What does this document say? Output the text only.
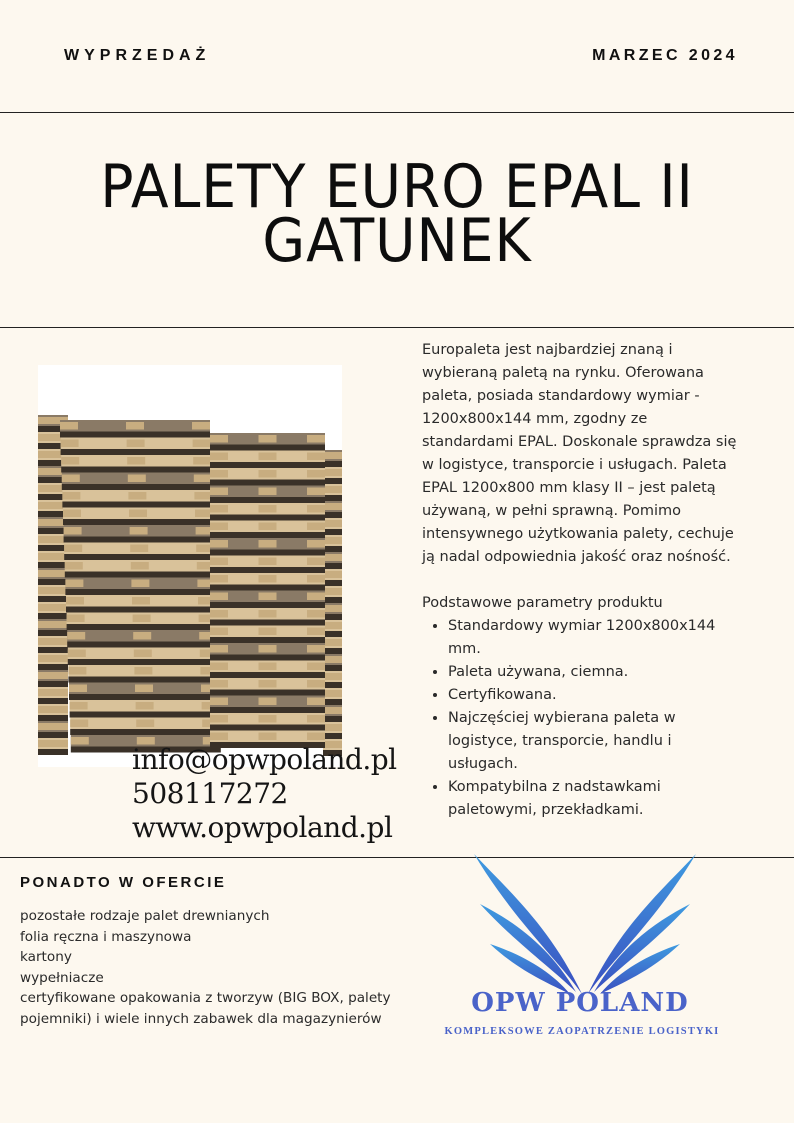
WYPRZEDAŻ	MARZEC 2024
PALETY EURO EPAL II
GATUNEK
info@opwpoland.pl
508117272
www.opwpoland.pl

Europaleta jest najbardziej znaną i wybieraną paletą na rynku. Oferowana paleta, posiada standardowy wymiar - 1200x800x144 mm, zgodny ze standardami EPAL. Doskonale sprawdza się w logistyce, transporcie i usługach. Paleta EPAL 1200x800 mm klasy II – jest paletą używaną, w pełni sprawną. Pomimo intensywnego użytkowania palety, cechuje ją nadal odpowiednia jakość oraz nośność.

Podstawowe parametry produktu

• Standardowy wymiar 1200x800x144 mm.
• Paleta używana, ciemna.
• Certyfikowana.
• Najczęściej wybierana paleta w logistyce, transporcie, handlu i usługach.
• Kompatybilna z nadstawkami paletowymi, przekładkami.
PONADTO W OFERCIE
pozostałe rodzaje palet drewnianych
folia ręczna i maszynowa
kartony
wypełniacze
certyfikowane opakowania z tworzyw (BIG BOX, palety
pojemniki) i wiele innych zabawek dla magazynierów
OPW POLAND
KOMPLEKSOWE ZAOPATRZENIE LOGISTYKI
